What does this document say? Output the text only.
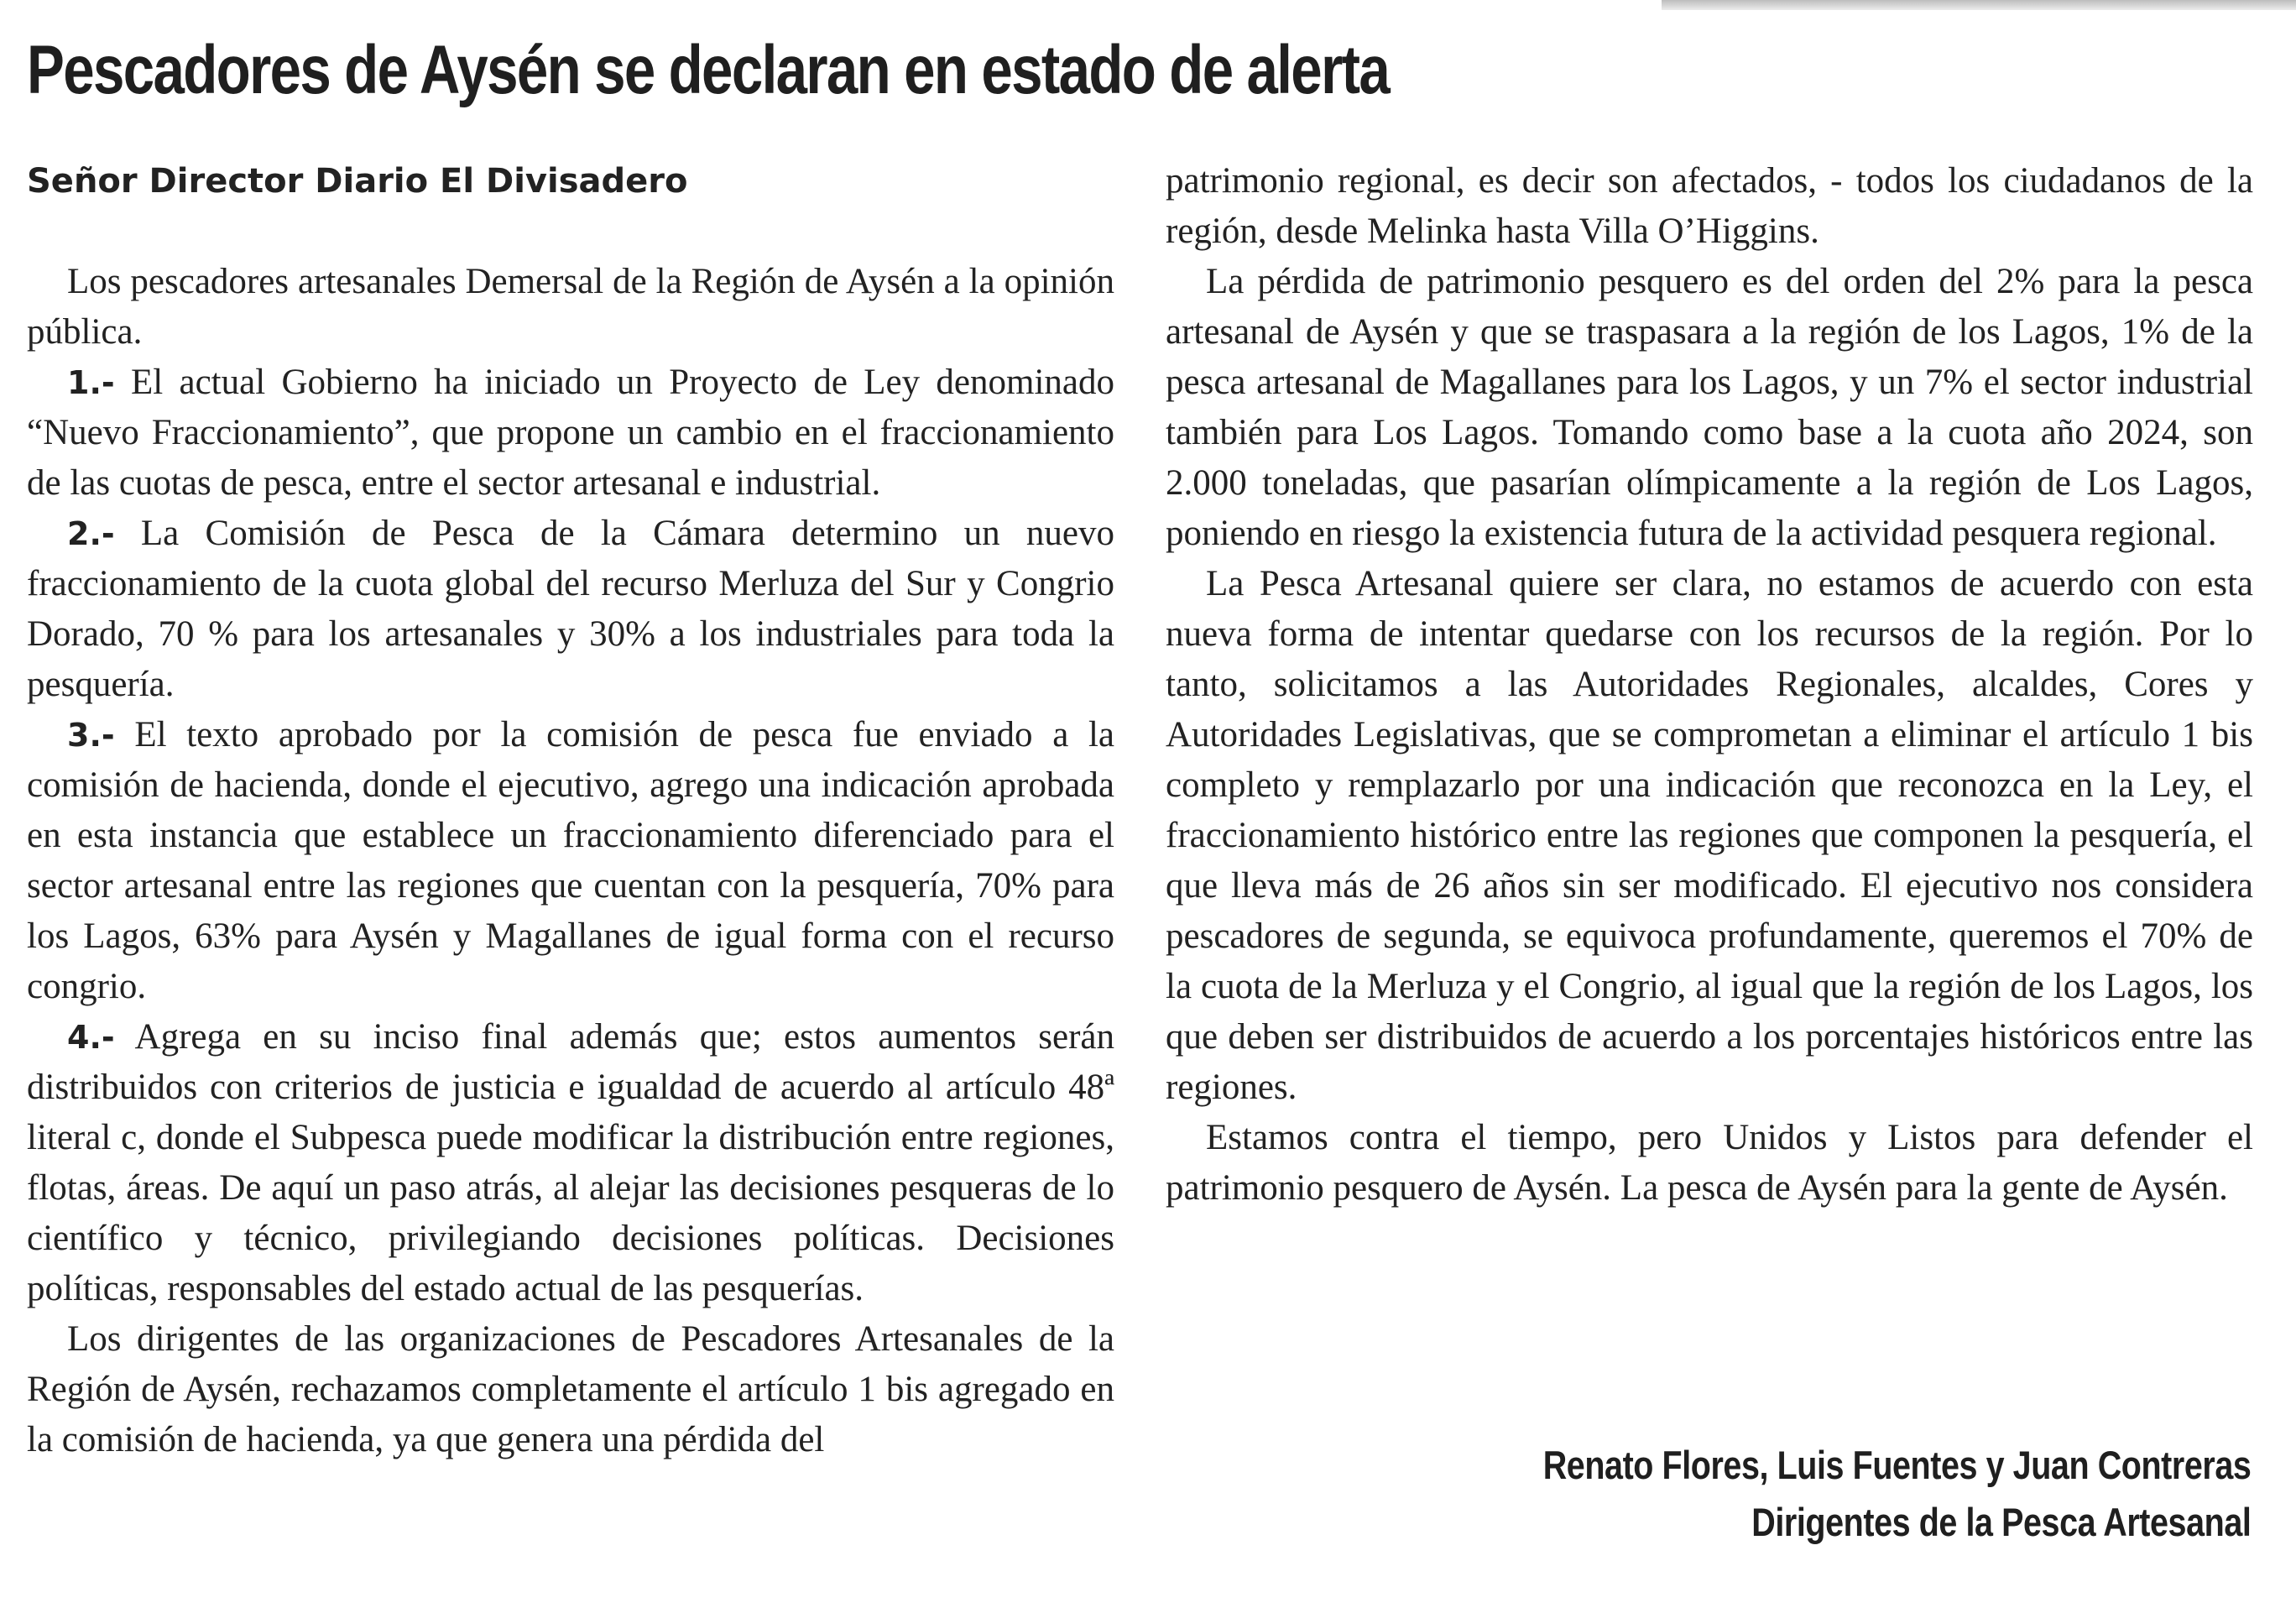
Pescadores de Aysén se declaran en estado de alerta
Señor Director Diario El Divisadero

Los pescadores artesanales Demersal de la Región de Aysén a la opinión pública.

1.- El actual Gobierno ha iniciado un Proyecto de Ley denominado “Nuevo Fraccionamiento”, que propone un cambio en el fraccionamiento de las cuotas de pesca, entre el sector artesanal e industrial.

2.- La Comisión de Pesca de la Cámara determino un nuevo fraccionamiento de la cuota global del recurso Merluza del Sur y Congrio Dorado, 70 % para los artesanales y 30% a los industriales para toda la pesquería.

3.- El texto aprobado por la comisión de pesca fue enviado a la comisión de hacienda, donde el ejecutivo, agrego una indicación aprobada en esta instancia que establece un fraccionamiento diferenciado para el sector artesanal entre las regiones que cuentan con la pesquería, 70% para los Lagos, 63% para Aysén y Magallanes de igual forma con el recurso congrio.

4.- Agrega en su inciso final además que; estos aumentos serán distribuidos con criterios de justicia e igualdad de acuerdo al artículo 48ª literal c, donde el Subpesca puede modificar la distribución entre regiones, flotas, áreas. De aquí un paso atrás, al alejar las decisiones pesqueras de lo científico y técnico, privilegiando decisiones políticas. Decisiones políticas, responsables del estado actual de las pesquerías.

Los dirigentes de las organizaciones de Pescadores Artesanales de la Región de Aysén, rechazamos completamente el artículo 1 bis agregado en la comisión de hacienda, ya que genera una pérdida del

patrimonio regional, es decir son afectados, - todos los ciudadanos de la región, desde Melinka hasta Villa O’Higgins.

La pérdida de patrimonio pesquero es del orden del 2% para la pesca artesanal de Aysén y que se traspasara a la región de los Lagos, 1% de la pesca artesanal de Magallanes para los Lagos, y un 7% el sector industrial también para Los Lagos. Tomando como base a la cuota año 2024, son 2.000 toneladas, que pasarían olímpicamente a la región de Los Lagos, poniendo en riesgo la existencia futura de la actividad pesquera regional.

La Pesca Artesanal quiere ser clara, no estamos de acuerdo con esta nueva forma de intentar quedarse con los recursos de la región. Por lo tanto, solicitamos a las Autoridades Regionales, alcaldes, Cores y Autoridades Legislativas, que se comprometan a eliminar el artículo 1 bis completo y remplazarlo por una indicación que reconozca en la Ley, el fraccionamiento histórico entre las regiones que componen la pesquería, el que lleva más de 26 años sin ser modificado. El ejecutivo nos considera pescadores de segunda, se equivoca profundamente, queremos el 70% de la cuota de la Merluza y el Congrio, al igual que la región de los Lagos, los que deben ser distribuidos de acuerdo a los porcentajes históricos entre las regiones.

Estamos contra el tiempo, pero Unidos y Listos para defender el patrimonio pesquero de Aysén. La pesca de Aysén para la gente de Aysén.

Renato Flores, Luis Fuentes y Juan Contreras
Dirigentes de la Pesca Artesanal
